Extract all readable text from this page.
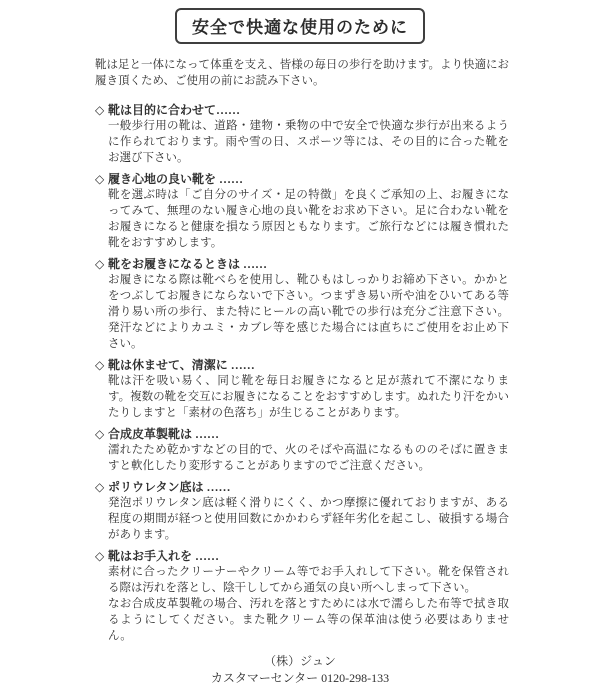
安全で快適な使用のために

靴は足と一体になって体重を支え、皆様の毎日の歩行を助けます。より快適にお履き頂くため、ご使用の前にお読み下さい。

◇ 靴は目的に合わせて……

一般歩行用の靴は、道路・建物・乗物の中で安全で快適な歩行が出来るように作られております。雨や雪の日、スポーツ等には、その目的に合った靴をお選び下さい。

◇ 履き心地の良い靴を ……

靴を選ぶ時は「ご自分のサイズ・足の特徴」を良くご承知の上、お履きになってみて、無理のない履き心地の良い靴をお求め下さい。足に合わない靴をお履きになると健康を損なう原因ともなります。ご旅行などには履き慣れた靴をおすすめします。

◇ 靴をお履きになるときは ……

お履きになる際は靴べらを使用し、靴ひもはしっかりお締め下さい。かかとをつぶしてお履きにならないで下さい。つまずき易い所や油をひいてある等滑り易い所の歩行、また特にヒールの高い靴での歩行は充分ご注意下さい。発汗などによりカユミ・カブレ等を感じた場合には直ちにご使用をお止め下さい。

◇ 靴は休ませて、清潔に ……

靴は汗を吸い易く、同じ靴を毎日お履きになると足が蒸れて不潔になります。複数の靴を交互にお履きになることをおすすめします。ぬれたり汗をかいたりしますと「素材の色落ち」が生じることがあります。

◇ 合成皮革製靴は ……

濡れたため乾かすなどの目的で、火のそばや高温になるもののそばに置きますと軟化したり変形することがありますのでご注意ください。

◇ ポリウレタン底は ……

発泡ポリウレタン底は軽く滑りにくく、かつ摩擦に優れておりますが、ある程度の期間が経つと使用回数にかかわらず経年劣化を起こし、破損する場合があります。

◇ 靴はお手入れを ……

素材に合ったクリーナーやクリーム等でお手入れして下さい。靴を保管される際は汚れを落とし、陰干ししてから通気の良い所へしまって下さい。

なお合成皮革製靴の場合、汚れを落とすためには水で濡らした布等で拭き取るようにしてください。また靴クリーム等の保革油は使う必要はありません。

（株）ジュン
カスタマーセンター 0120-298-133
